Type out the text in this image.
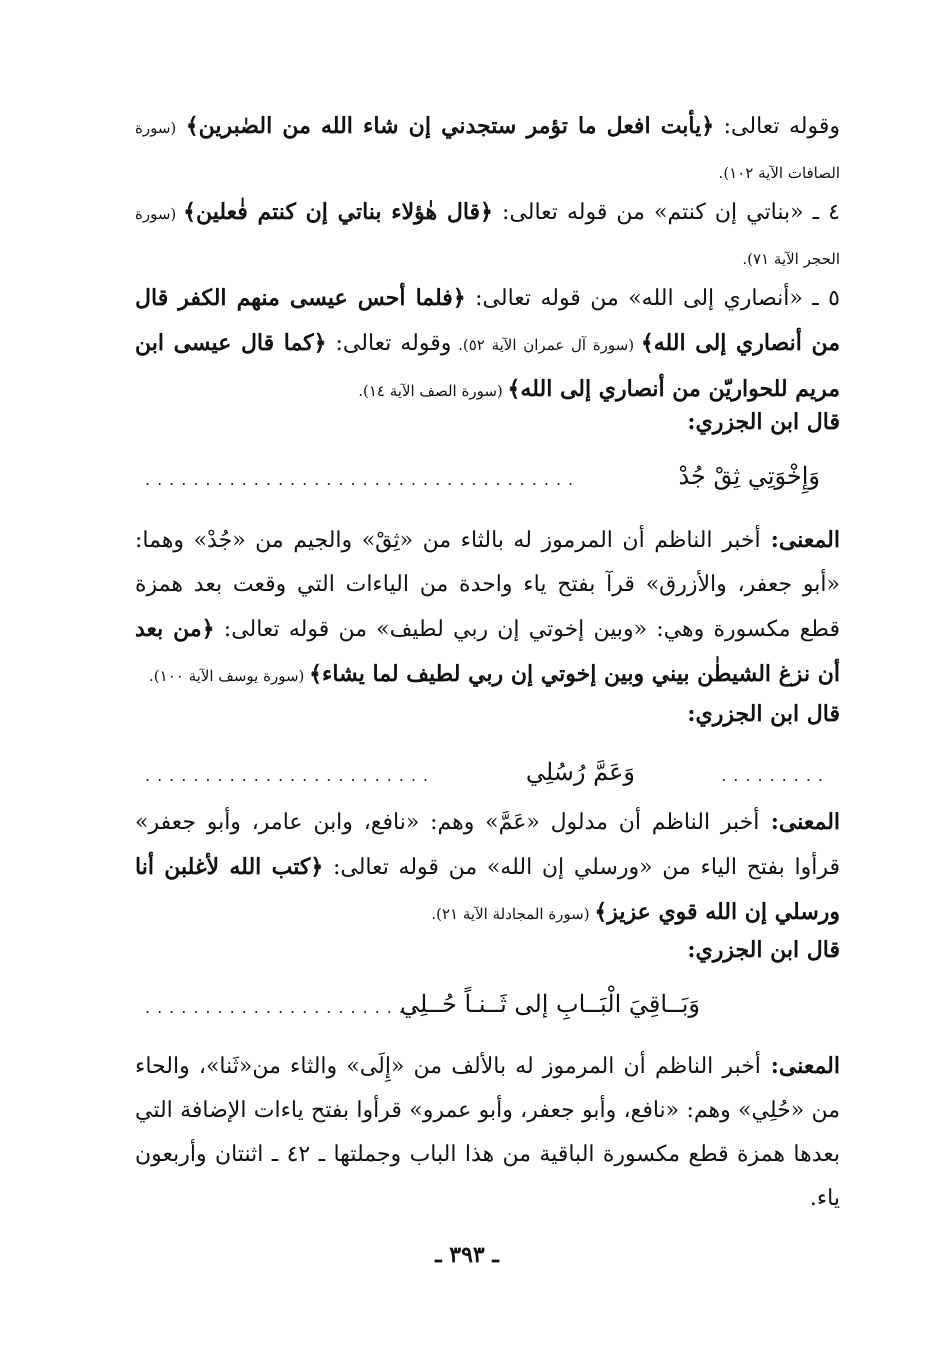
وقوله تعالى: ﴿يأبت افعل ما تؤمر ستجدني إن شاء الله من الصٰبرين﴾ (سورة الصافات الآية ١٠٢).
٤ ـ «بناتي إن كنتم» من قوله تعالى: ﴿قال هٰؤلاء بناتي إن كنتم فٰعلين﴾ (سورة الحجر الآية ٧١).
٥ ـ «أنصاري إلى الله» من قوله تعالى: ﴿فلما أحس عيسى منهم الكفر قال من أنصاري إلى الله﴾ (سورة آل عمران الآية ٥٢). وقوله تعالى: ﴿كما قال عيسى ابن مريم للحواريّن من أنصاري إلى الله﴾ (سورة الصف الآية ١٤).
قال ابن الجزري:
وَإِخْوَتِي ثِقْ جُدْ
....................................
المعنى: أخبر الناظم أن المرموز له بالثاء من «ثِقْ» والجيم من «جُدْ» وهما: «أبو جعفر، والأزرق» قرآ بفتح ياء واحدة من الياءات التي وقعت بعد همزة قطع مكسورة وهي: «وبين إخوتي إن ربي لطيف» من قوله تعالى: ﴿من بعد أن نزغ الشيطٰن بيني وبين إخوتي إن ربي لطيف لما يشاء﴾ (سورة يوسف الآية ١٠٠).
قال ابن الجزري:
.........
وَعَمَّ رُسُلِي
........................
المعنى: أخبر الناظم أن مدلول «عَمَّ» وهم: «نافع، وابن عامر، وأبو جعفر» قرأوا بفتح الياء من «ورسلي إن الله» من قوله تعالى: ﴿كتب الله لأغلبن أنا ورسلي إن الله قوي عزيز﴾ (سورة المجادلة الآية ٢١).
قال ابن الجزري:
وَبَــاقِيَ الْبَــابِ إلى ثَــنـاً حُــلِي
.......................
المعنى: أخبر الناظم أن المرموز له بالألف من «إِلَى» والثاء من«ثَنا»، والحاء من «حُلِي» وهم: «نافع، وأبو جعفر، وأبو عمرو» قرأوا بفتح ياءات الإضافة التي بعدها همزة قطع مكسورة الباقية من هذا الباب وجملتها ـ ٤٢ ـ اثنتان وأربعون ياء.
ـ ٣٩٣ ـ
